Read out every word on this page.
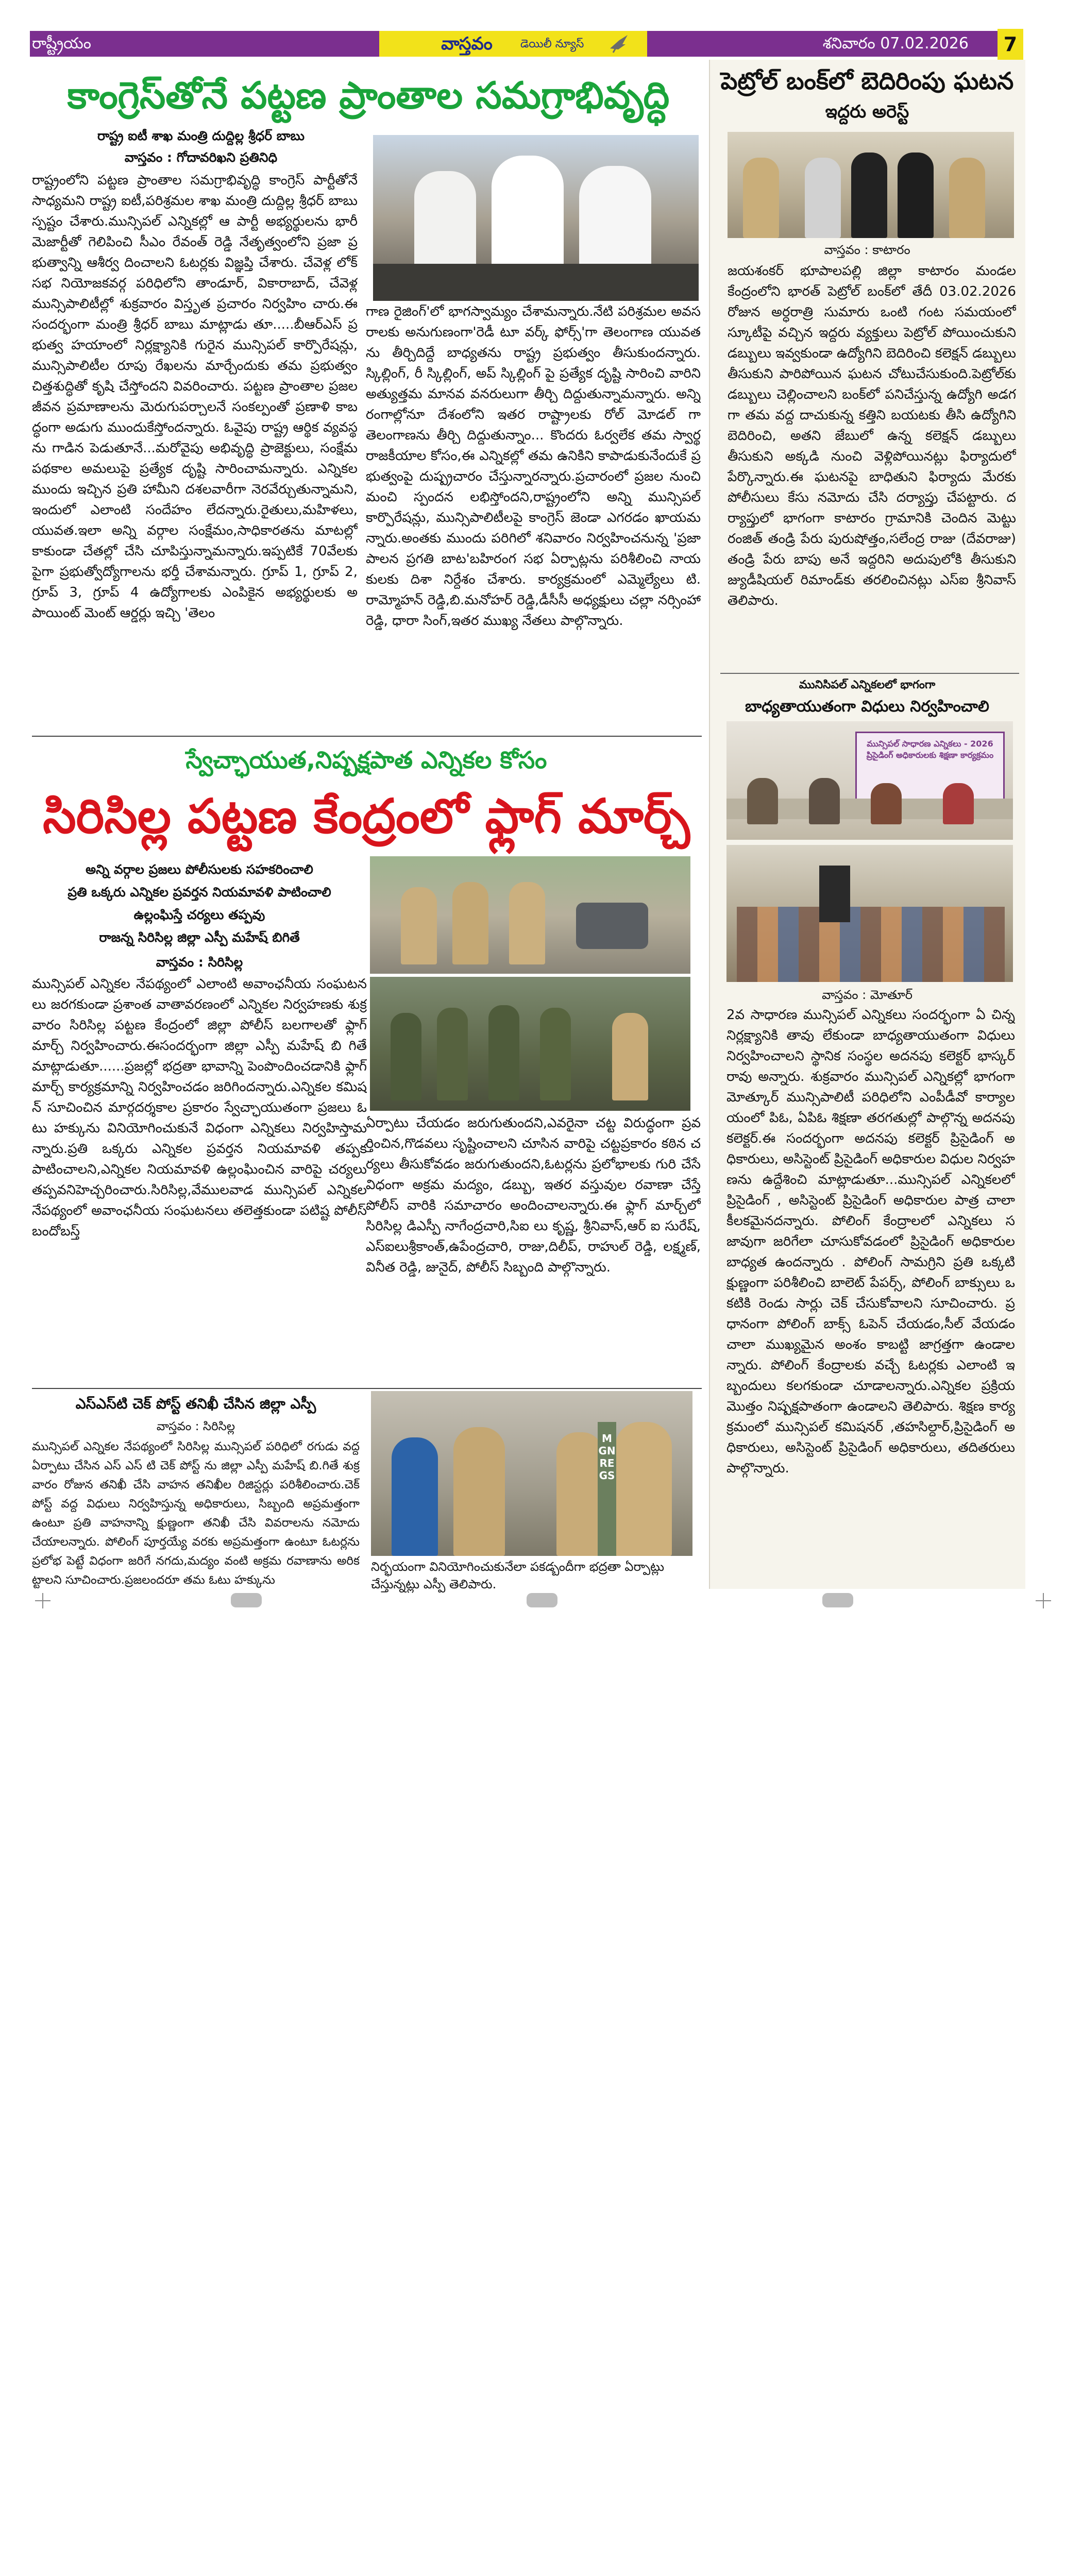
రాష్ట్రీయం	వాస్తవం	డెయిలీ న్యూస్	శనివారం 07.02.2026	7
కాంగ్రెస్‌తోనే పట్టణ ప్రాంతాల సమగ్రాభివృద్ధి
రాష్ట్ర ఐటీ శాఖ మంత్రి దుద్దిల్ల శ్రీధర్ బాబు
వాస్తవం : గోదావరిఖని ప్రతినిధి
రాష్ట్రంలోని పట్టణ ప్రాంతాల సమగ్రాభివృద్ధి కాంగ్రెస్ పార్టీతోనే సాధ్యమని రాష్ట్ర ఐటీ,పరిశ్రమల శాఖ మంత్రి దుద్దిల్ల శ్రీధర్ బాబు స్పష్టం చేశారు.మున్సిపల్ ఎన్నికల్లో ఆ పార్టీ అభ్యర్థులను భారీ మెజార్టీతో గెలిపించి సీఎం రేవంత్ రెడ్డి నేతృత్వంలోని ప్రజా ప్రభుత్వాన్ని ఆశీర్వ దించాలని ఓటర్లకు విజ్ఞప్తి చేశారు. చేవెళ్ల లోక్ సభ నియోజకవర్గ పరిధిలోని తాండూర్, వికారాబాద్, చేవెళ్ల మున్సిపాలిటీల్లో శుక్రవారం విస్తృత ప్రచారం నిర్వహిం చారు.ఈ సందర్భంగా మంత్రి శ్రీధర్ బాబు మాట్లాడు తూ.....బీఆర్ఎస్ ప్రభుత్వ హయాంలో నిర్లక్ష్యానికి గురైన మున్సిపల్ కార్పొరేషన్లు, మున్సిపాలిటీల రూపు రేఖలను మార్చేందుకు తమ ప్రభుత్వం చిత్తశుద్ధితో కృషి చేస్తోందని వివరించారు. పట్టణ ప్రాంతాల ప్రజల జీవన ప్రమాణాలను మెరుగుపర్చాలనే సంకల్పంతో ప్రణాళి కాబద్ధంగా అడుగు ముందుకేస్తోందన్నారు. ఓవైపు రాష్ట్ర ఆర్థిక వ్యవస్థను గాడిన పెడుతూనే...మరోవైపు అభివృద్ధి ప్రాజెక్టులు, సంక్షేమ పథకాల అమలుపై ప్రత్యేక దృష్టి సారించామన్నారు. ఎన్నికల ముందు ఇచ్చిన ప్రతి హామీని దశలవారీగా నెరవేర్చుతున్నామని,ఇందులో ఎలాంటి సందేహం లేదన్నారు.రైతులు,మహిళలు,యువత.ఇలా అన్ని వర్గాల సంక్షేమం,సాధికారతను మాటల్లో కాకుండా చేతల్లో చేసి చూపిస్తున్నామన్నారు.ఇప్పటికే 70వేలకు పైగా ప్రభుత్వోద్యోగాలను భర్తీ చేశామన్నారు. గ్రూప్ 1, గ్రూప్ 2, గ్రూప్ 3, గ్రూప్ 4 ఉద్యోగాలకు ఎంపికైన అభ్యర్థులకు అపాయింట్ మెంట్ ఆర్డర్లు ఇచ్చి 'తెలం
గాణ రైజింగ్'లో భాగస్వామ్యం చేశామన్నారు.నేటి పరిశ్రమల అవసరాలకు అనుగుణంగా'రెడీ టూ వర్క్ ఫోర్స్'గా తెలంగాణ యువతను తీర్చిదిద్దే బాధ్యతను రాష్ట్ర ప్రభుత్వం తీసుకుందన్నారు. స్కిల్లింగ్, రీ స్కిల్లింగ్, అప్ స్కిల్లింగ్ పై ప్రత్యేక దృష్టి సారించి వారిని అత్యుత్తమ మానవ వనరులుగా తీర్చి దిద్దుతున్నామన్నారు. అన్ని రంగాల్లోనూ దేశంలోని ఇతర రాష్ట్రాలకు రోల్ మోడల్ గా తెలంగాణను తీర్చి దిద్దుతున్నాం... కొందరు ఓర్వలేక తమ స్వార్థ రాజకీయాల కోసం,ఈ ఎన్నికల్లో తమ ఉనికిని కాపాడుకునేందుకే ప్రభుత్వంపై దుష్ప్రచారం చేస్తున్నారన్నారు.ప్రచారంలో ప్రజల నుంచి మంచి స్పందన లభిస్తోందని,రాష్ట్రంలోని అన్ని మున్సిపల్ కార్పొరేషన్లు, మున్సిపాలిటీలపై కాంగ్రెస్ జెండా ఎగరడం ఖాయమన్నారు.అంతకు ముందు పరిగిలో శనివారం నిర్వహించనున్న 'ప్రజా పాలన ప్రగతి బాట'బహిరంగ సభ ఏర్పాట్లను పరిశీలించి నాయకులకు దిశా నిర్దేశం చేశారు. కార్యక్రమంలో ఎమ్మెల్యేలు టి.రామ్మోహన్ రెడ్డి,బి.మనోహర్ రెడ్డి,డీసీసీ అధ్యక్షులు చల్లా నర్సింహా రెడ్డి, ధారా సింగ్,ఇతర ముఖ్య నేతలు పాల్గొన్నారు.
స్వేచ్ఛాయుత,నిష్పక్షపాత ఎన్నికల కోసం
సిరిసిల్ల పట్టణ కేంద్రంలో ఫ్లాగ్ మార్చ్
అన్ని వర్గాల ప్రజలు పోలీసులకు సహకరించాలి
ప్రతి ఒక్కరు ఎన్నికల ప్రవర్తన నియమావళి పాటించాలి
ఉల్లంఘిస్తే చర్యలు తప్పవు
రాజన్న సిరిసిల్ల జిల్లా ఎస్పీ మహేష్ బిగితే
వాస్తవం : సిరిసిల్ల
మున్సిపల్ ఎన్నికల నేపథ్యంలో ఎలాంటి అవాంఛనీయ సంఘటనలు జరగకుండా ప్రశాంత వాతావరణంలో ఎన్నికల నిర్వహణకు శుక్రవారం సిరిసిల్ల పట్టణ కేంద్రంలో జిల్లా పోలీస్ బలగాలతో ఫ్లాగ్ మార్చ్ నిర్వహించారు.ఈసందర్భంగా జిల్లా ఎస్పీ మహేష్ బి గితే మాట్లాడుతూ......ప్రజల్లో భద్రతా భావాన్ని పెంపొందించడానికి ఫ్లాగ్ మార్చ్ కార్యక్రమాన్ని నిర్వహించడం జరిగిందన్నారు.ఎన్నికల కమిషన్ సూచించిన మార్గదర్శకాల ప్రకారం స్వేచ్ఛాయుతంగా ప్రజలు ఓటు హక్కును వినియోగించుకునే విధంగా ఎన్నికలు నిర్వహిస్తామన్నారు.ప్రతి ఒక్కరు ఎన్నికల ప్రవర్తన నియమావళి తప్పక పాటించాలని,ఎన్నికల నియమావళి ఉల్లంఘించిన వారిపై చర్యలు తప్పవనిహెచ్చరించారు.సిరిసిల్ల,వేములవాడ మున్సిపల్ ఎన్నికల నేపథ్యంలో అవాంఛనీయ సంఘటనలు తలెత్తకుండా పటిష్ట పోలీస్ బందోబస్త్
ఏర్పాటు చేయడం జరుగుతుందని,ఎవరైనా చట్ట విరుద్ధంగా ప్రవర్తించిన,గొడవలు సృష్టించాలని చూసిన వారిపై చట్టప్రకారం కఠిన చర్యలు తీసుకోవడం జరుగుతుందని,ఓటర్లను ప్రలోభాలకు గురి చేసే విధంగా అక్రమ మద్యం, డబ్బు, ఇతర వస్తువుల రవాణా చేస్తే పోలీస్ వారికి సమాచారం అందించాలన్నారు.ఈ ఫ్లాగ్ మార్చ్‌లో సిరిసిల్ల డిఎస్పీ నాగేంద్రచారి,సిఐ లు కృష్ణ, శ్రీనివాస్,ఆర్ ఐ సురేష్,ఎస్ఐలుశ్రీకాంత్,ఉపేంద్రచారి, రాజు,దిలీప్, రాహుల్ రెడ్డి, లక్ష్మణ్, వినీత రెడ్డి, జునైద్, పోలీస్ సిబ్బంది పాల్గొన్నారు.
ఎస్ఎస్‌టి చెక్ పోస్ట్ తనిఖీ చేసిన జిల్లా ఎస్పీ
వాస్తవం : సిరిసిల్ల
మున్సిపల్ ఎన్నికల నేపథ్యంలో సిరిసిల్ల మున్సిపల్ పరిధిలో రగుడు వద్ద ఏర్పాటు చేసిన ఎస్ ఎస్ టి చెక్ పోస్ట్ ను జిల్లా ఎస్పీ మహేష్ బి.గితే శుక్రవారం రోజున తనిఖీ చేసి వాహన తనిఖీల రిజిస్టర్లు పరిశీలించారు.చెక్ పోస్ట్ వద్ద విధులు నిర్వహిస్తున్న అధికారులు, సిబ్బంది అప్రమత్తంగా ఉంటూ ప్రతి వాహనాన్ని క్షుణ్ణంగా తనిఖీ చేసి వివరాలను నమోదు చేయాలన్నారు. పోలింగ్ పూర్తయ్యే వరకు అప్రమత్తంగా ఉంటూ ఓటర్లను ప్రలోభ పెట్టే విధంగా జరిగే నగదు,మద్యం వంటి అక్రమ రవాణాను అరికట్టాలని సూచించారు.ప్రజలందరూ తమ ఓటు హక్కును
MGNREGS
నిర్భయంగా వినియోగించుకునేలా పకడ్బందీగా భద్రతా ఏర్పాట్లు చేస్తున్నట్లు ఎస్పీ తెలిపారు.
పెట్రోల్ బంక్‌లో బెదిరింపు ఘటన
ఇద్దరు అరెస్ట్
వాస్తవం : కాటారం
జయశంకర్ భూపాలపల్లి జిల్లా కాటారం మండల కేంద్రంలోని భారత్ పెట్రోల్ బంక్‌లో తేదీ 03.02.2026 రోజున అర్ధరాత్రి సుమారు ఒంటి గంట సమయంలో స్కూటీపై వచ్చిన ఇద్దరు వ్యక్తులు పెట్రోల్ పోయించుకుని డబ్బులు ఇవ్వకుండా ఉద్యోగిని బెదిరించి కలెక్షన్ డబ్బులు తీసుకుని పారిపోయిన ఘటన చోటుచేసుకుంది.పెట్రోల్‌కు డబ్బులు చెల్లించాలని బంక్‌లో పనిచేస్తున్న ఉద్యోగి అడగగా తమ వద్ద దాచుకున్న కత్తిని బయటకు తీసి ఉద్యోగిని బెదిరించి, అతని జేబులో ఉన్న కలెక్షన్ డబ్బులు తీసుకుని అక్కడి నుంచి వెళ్లిపోయినట్లు ఫిర్యాదులో పేర్కొన్నారు.ఈ ఘటనపై బాధితుని ఫిర్యాదు మేరకు పోలీసులు కేసు నమోదు చేసి దర్యాప్తు చేపట్టారు. దర్యాప్తులో భాగంగా కాటారం గ్రామానికి చెందిన మెట్టు రంజిత్ తండ్రి పేరు పురుషోత్తం,సలేంద్ర రాజు (దేవరాజు) తండ్రి పేరు బాపు అనే ఇద్దరిని అదుపులోకి తీసుకుని జ్యుడీషియల్ రిమాండ్‌కు తరలించినట్లు ఎస్ఐ శ్రీనివాస్ తెలిపారు.
మునిసిపల్ ఎన్నికలలో భాగంగా
బాధ్యతాయుతంగా విధులు నిర్వహించాలి
మున్సిపల్ సాధారణ ఎన్నికలు - 2026 ప్రిసైడింగ్ అధికారులకు శిక్షణా కార్యక్రమం
వాస్తవం : మోతూర్
2వ సాధారణ మున్సిపల్ ఎన్నికలు సందర్భంగా ఏ చిన్న నిర్లక్ష్యానికి తావు లేకుండా బాధ్యతాయుతంగా విధులు నిర్వహించాలని స్థానిక సంస్థల అదనపు కలెక్టర్ భాస్కర్ రావు అన్నారు. శుక్రవారం మున్సిపల్ ఎన్నికల్లో భాగంగా మోత్కూర్ మున్సిపాలిటీ పరిధిలోని ఎంపీడీవో కార్యాలయంలో పిఓ, ఏపిఓ శిక్షణా తరగతుల్లో పాల్గొన్న అదనపు కలెక్టర్.ఈ సందర్భంగా అదనపు కలెక్టర్ ప్రిసైడింగ్ అధికారులు, అసిస్టెంట్ ప్రిసైడింగ్ అధికారుల విధుల నిర్వహణను ఉద్దేశించి మాట్లాడుతూ...మున్సిపల్ ఎన్నికలలో ప్రిసైడింగ్ , అసిస్టెంట్ ప్రిసైడింగ్ అధికారుల పాత్ర చాలా కీలకమైనదన్నారు. పోలింగ్ కేంద్రాలలో ఎన్నికలు సజావుగా జరిగేలా చూసుకోవడంలో ప్రిసైడింగ్ అధికారుల బాధ్యత ఉందన్నారు . పోలింగ్ సామగ్రిని ప్రతి ఒక్కటి క్షుణ్ణంగా పరిశీలించి బాలెట్ పేపర్స్, పోలింగ్ బాక్సులు ఒకటికి రెండు సార్లు చెక్ చేసుకోవాలని సూచించారు. ప్రధానంగా పోలింగ్ బాక్స్ ఓపెన్ చేయడం,సీల్ వేయడం చాలా ముఖ్యమైన అంశం కాబట్టి జాగ్రత్తగా ఉండాలన్నారు. పోలింగ్ కేంద్రాలకు వచ్చే ఓటర్లకు ఎలాంటి ఇబ్బందులు కలగకుండా చూడాలన్నారు.ఎన్నికల ప్రక్రియ మొత్తం నిష్పక్షపాతంగా ఉండాలని తెలిపారు. శిక్షణ కార్యక్రమంలో మున్సిపల్ కమిషనర్ ,తహసిల్దార్,ప్రిసైడింగ్ అధికారులు, అసిస్టెంట్ ప్రిసైడింగ్ అధికారులు, తదితరులు పాల్గొన్నారు.
